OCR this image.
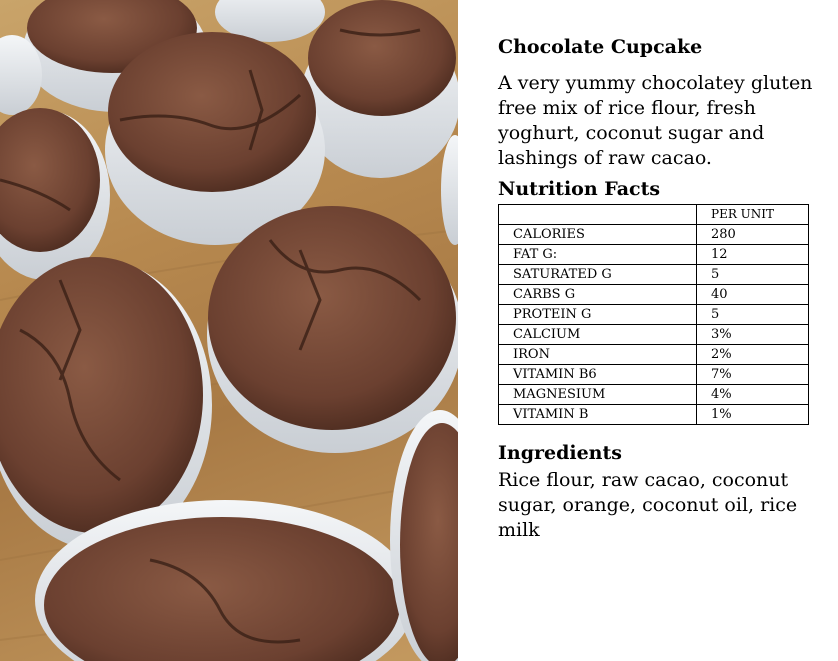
Chocolate Cupcake

A very yummy chocolatey gluten free mix of rice flour, fresh yoghurt, coconut sugar and lashings of raw cacao.

Nutrition Facts
	PER UNIT
CALORIES	280
FAT G:	12
SATURATED G	5
CARBS G	40
PROTEIN G	5
CALCIUM	3%
IRON	2%
VITAMIN B6	7%
MAGNESIUM	4%
VITAMIN B	1%
Ingredients

Rice flour, raw cacao, coconut sugar, orange, coconut oil, rice milk
